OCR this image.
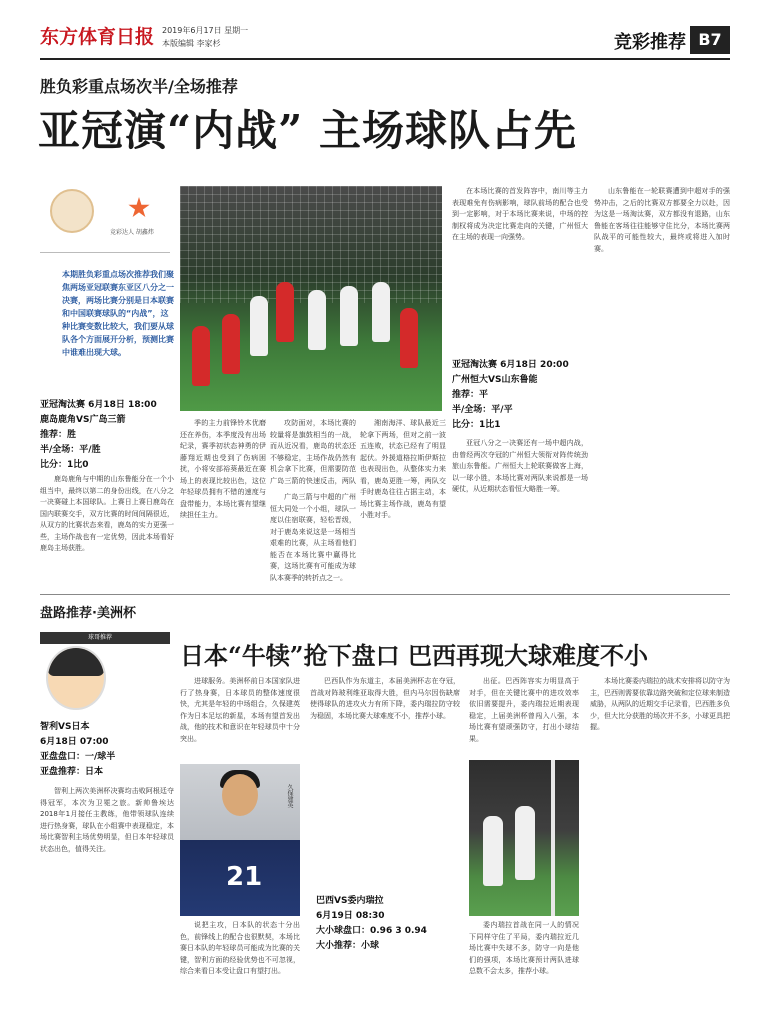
东方体育日报 2019年6月17日 星期一
本版编辑 李家杉	竞彩推荐 B7
胜负彩重点场次半/全场推荐
亚冠演“内战” 主场球队占先
竞彩达人 胡鑫炜
本期胜负彩重点场次推荐我们聚焦两场亚冠联赛东亚区八分之一决赛，两场比赛分别是日本联赛和中国联赛球队的“内战”，这种比赛变数比较大，我们要从球队各个方面展开分析，预测比赛中谁难出现大球。
亚冠淘汰赛 6月18日 18:00
鹿岛鹿角VS广岛三箭
推荐：胜
半/全场：平/胜
比分：1比0

鹿岛鹿角与中期的山东鲁能分在一个小组当中，最终以第二的身份出线，在八分之一决赛碰上本国球队。上赛日上赛日鹿岛在国内联赛交手，双方比赛的时间间隔很近，从双方的比赛状态来看，鹿岛的实力更强一些，主场作战也有一定优势，因此本场看好鹿岛主场获胜。

季的主力前锋铃木优磨还在养伤，本季度没有出场纪录，赛季初状态神勇的伊藤翔近期也受到了伤病困扰，小将安部裕葵最近在赛场上的表现比较出色，这位年轻球员拥有不错的速度与盘带能力，本场比赛有望继续担任主力。

攻防面对，本场比赛的较量将是旗鼓相当的一战，而从近况看，鹿岛的状态还不够稳定，主场作战仍然有机会拿下比赛，但需要防范广岛三箭的快速反击，两队

广岛三箭与中超的广州恒大同处一个小组，球队一度以住宿联赛，轻松晋级，对于鹿岛来说这是一场相当艰难的比赛，从主场看他们能否在本场比赛中赢得比赛，这场比赛有可能成为球队本赛季的转折点之一。

湘南海洋、球队最近三轮拿下两场，但对之前一波五连败，状态已经有了明显起伏。外援道格拉斯伊斯拉也表现出色，从整体实力来看，鹿岛更胜一筹，两队交手时鹿岛往往占据主动，本场比赛主场作战，鹿岛有望小胜对手。

在本场比赛的首发阵容中，南川等主力表现难免有伤病影响，球队前场的配合也受到一定影响，对于本场比赛来说，中场的控制权将成为决定比赛走向的关键，广州恒大在主场的表现一向强势。

亚冠淘汰赛 6月18日 20:00
广州恒大VS山东鲁能
推荐：平
半/全场：平/平
比分：1比1

亚冠八分之一决赛还有一场中超内战，由曾经两次夺冠的广州恒大领衔对阵传统劲旅山东鲁能。广州恒大上轮联赛做客上海，以一球小胜，本场比赛对两队来说都是一场硬仗，从近期状态看恒大略胜一筹。

山东鲁能在一轮联赛遭到中超对手的强势冲击，之后的比赛双方都要全力以赴，因为这是一场淘汰赛，双方都没有退路，山东鲁能在客场往往能够守住比分，本场比赛两队战平的可能性较大，最终或将进入加时赛。

盘路推荐·美洲杯
球哥推荐
日本“牛犊”抢下盘口 巴西再现大球难度不小
智利VS日本
6月18日 07:00
亚盘盘口：一/球半
亚盘推荐：日本

智利上两次美洲杯决赛均击败阿根廷夺得冠军，本次为卫冕之旅。新帅鲁埃达2018年1月接任主教练，他带领球队连续进行热身赛，球队在小组赛中表现稳定，本场比赛智利主场优势明显，但日本年轻球员状态出色，值得关注。

进球服务。美洲杯前日本国家队进行了热身赛，日本球员的整体速度很快，尤其是年轻的中场组合，久保建英作为日本足坛的新星，本场有望首发出战，他的技术和意识在年轻球员中十分突出。

21
久保建英

说把主攻，日本队的状态十分出色，前锋线上的配合也很默契，本场比赛日本队的年轻球员可能成为比赛的关键，智利方面的经验优势也不可忽视，综合来看日本受让盘口有望打出。

巴西队作为东道主，本届美洲杯志在夺冠，首战对阵玻利维亚取得大胜，但内马尔因伤缺席使得球队的进攻火力有所下降，委内瑞拉防守较为稳固，本场比赛大球难度不小，推荐小球。

巴西VS委内瑞拉
6月19日 08:30
大小球盘口：0.96 3 0.94
大小推荐：小球

出征。巴西阵容实力明显高于对手，但在关键比赛中的进攻效率依旧需要提升，委内瑞拉近期表现稳定，上届美洲杯曾闯入八强，本场比赛有望顽强防守，打出小球结果。

委内瑞拉首战在同一人的情况下同样守住了平局，委内瑞拉近几场比赛中失球不多，防守一向是他们的强项，本场比赛预计两队进球总数不会太多，推荐小球。

本场比赛委内瑞拉的战术安排将以防守为主，巴西则需要依靠边路突破和定位球来制造威胁，从两队的近期交手记录看，巴西胜多负少，但大比分获胜的场次并不多，小球更具把握。
